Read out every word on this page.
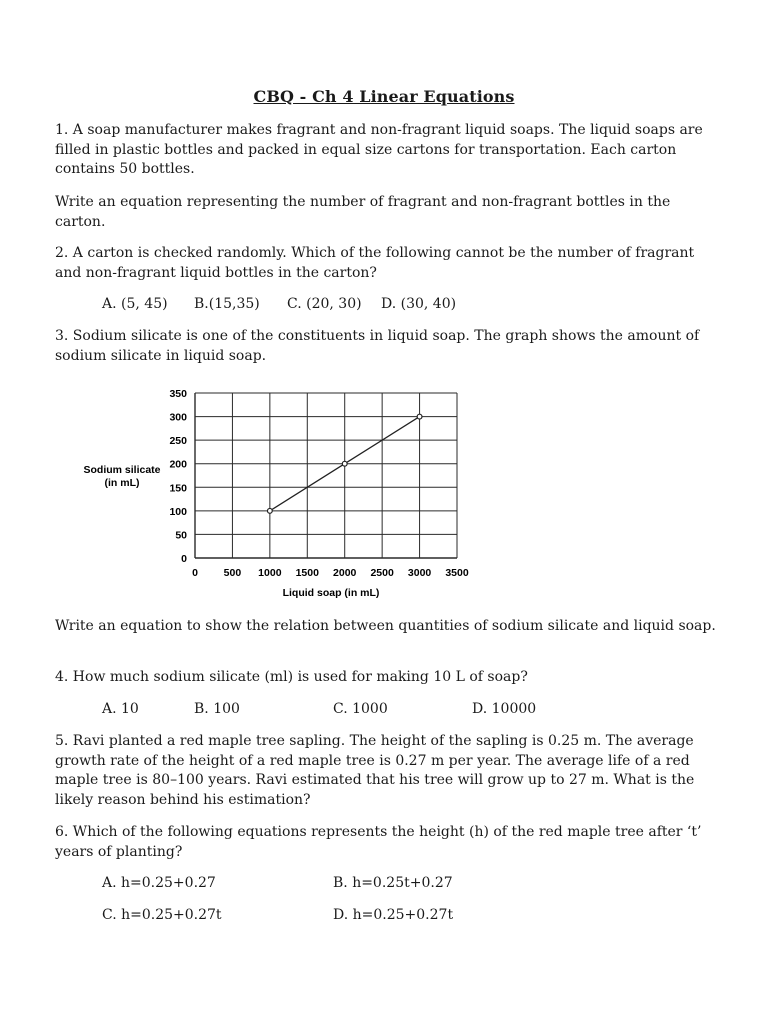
CBQ - Ch 4 Linear Equations

1. A soap manufacturer makes fragrant and non-fragrant liquid soaps. The liquid soaps are filled in plastic bottles and packed in equal size cartons for transportation. Each carton contains 50 bottles.

Write an equation representing the number of fragrant and non-fragrant bottles in the carton.

2. A carton is checked randomly. Which of the following cannot be the number of fragrant and non-fragrant liquid bottles in the carton?

A. (5, 45) B.(15,35) C. (20, 30) D. (30, 40)

3. Sodium silicate is one of the constituents in liquid soap. The graph shows the amount of sodium silicate in liquid soap.

0 500 1000 1500 2000 2500 3000 3500
0
50
100
150
200
250
300
350
Sodium silicate
(in mL)
Liquid soap (in mL)

Write an equation to show the relation between quantities of sodium silicate and liquid soap.

4. How much sodium silicate (ml) is used for making 10 L of soap?

A. 10	B. 100	C. 1000	D. 10000

5. Ravi planted a red maple tree sapling. The height of the sapling is 0.25 m. The average growth rate of the height of a red maple tree is 0.27 m per year. The average life of a red maple tree is 80–100 years. Ravi estimated that his tree will grow up to 27 m. What is the likely reason behind his estimation?

6. Which of the following equations represents the height (h) of the red maple tree after ‘t’ years of planting?

A. h=0.25+0.27	B. h=0.25t+0.27
C. h=0.25+0.27t	D. h=0.25+0.27t
